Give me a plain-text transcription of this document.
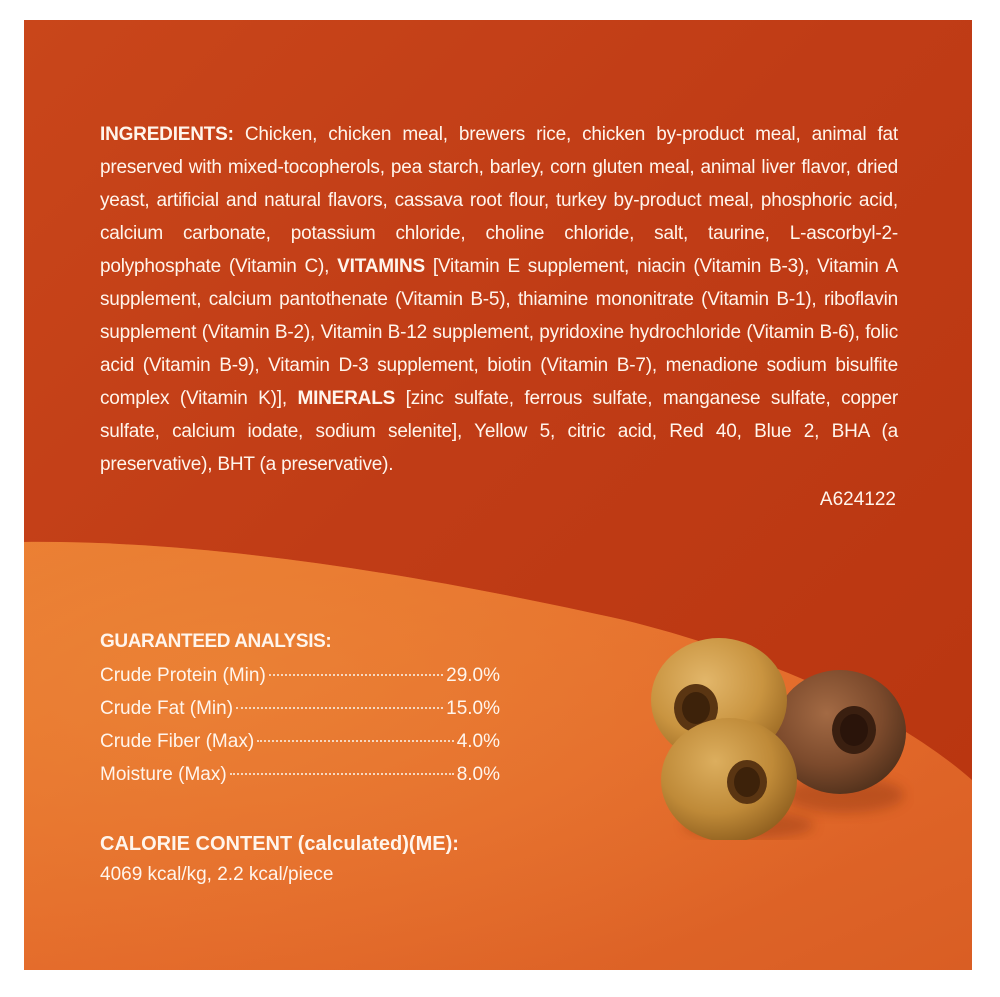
INGREDIENTS: Chicken, chicken meal, brewers rice, chicken by-product meal, animal fat preserved with mixed-tocopherols, pea starch, barley, corn gluten meal, animal liver flavor, dried yeast, artificial and natural flavors, cassava root flour, turkey by-product meal, phosphoric acid, calcium carbonate, potassium chloride, choline chloride, salt, taurine, L-ascorbyl-2-polyphosphate (Vitamin C), VITAMINS [Vitamin E supplement, niacin (Vitamin B-3), Vitamin A supplement, calcium pantothenate (Vitamin B-5), thiamine mononitrate (Vitamin B-1), riboflavin supplement (Vitamin B-2), Vitamin B-12 supplement, pyridoxine hydrochloride (Vitamin B-6), folic acid (Vitamin B-9), Vitamin D-3 supplement, biotin (Vitamin B-7), menadione sodium bisulfite complex (Vitamin K)], MINERALS [zinc sulfate, ferrous sulfate, manganese sulfate, copper sulfate, calcium iodate, sodium selenite], Yellow 5, citric acid, Red 40, Blue 2, BHA (a preservative), BHT (a preservative).
A624122
GUARANTEED ANALYSIS:
Crude Protein (Min)	29.0%
Crude Fat (Min)	15.0%
Crude Fiber (Max)	4.0%
Moisture (Max)	8.0%
CALORIE CONTENT (calculated)(ME):
4069 kcal/kg, 2.2 kcal/piece
